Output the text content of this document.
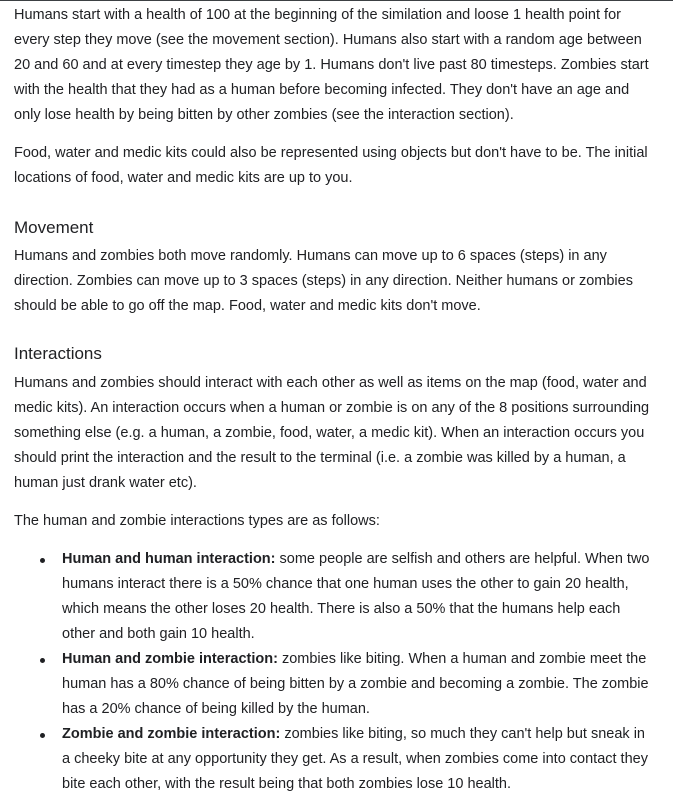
Humans start with a health of 100 at the beginning of the similation and loose 1 health point for every step they move (see the movement section). Humans also start with a random age between 20 and 60 and at every timestep they age by 1. Humans don't live past 80 timesteps. Zombies start with the health that they had as a human before becoming infected. They don't have an age and only lose health by being bitten by other zombies (see the interaction section).

Food, water and medic kits could also be represented using objects but don't have to be. The initial locations of food, water and medic kits are up to you.

Movement

Humans and zombies both move randomly. Humans can move up to 6 spaces (steps) in any direction. Zombies can move up to 3 spaces (steps) in any direction. Neither humans or zombies should be able to go off the map. Food, water and medic kits don't move.

Interactions

Humans and zombies should interact with each other as well as items on the map (food, water and medic kits). An interaction occurs when a human or zombie is on any of the 8 positions surrounding something else (e.g. a human, a zombie, food, water, a medic kit). When an interaction occurs you should print the interaction and the result to the terminal (i.e. a zombie was killed by a human, a human just drank water etc).

The human and zombie interactions types are as follows:

Human and human interaction: some people are selfish and others are helpful. When two humans interact there is a 50% chance that one human uses the other to gain 20 health, which means the other loses 20 health. There is also a 50% that the humans help each other and both gain 10 health.
Human and zombie interaction: zombies like biting. When a human and zombie meet the human has a 80% chance of being bitten by a zombie and becoming a zombie. The zombie has a 20% chance of being killed by the human.
Zombie and zombie interaction: zombies like biting, so much they can't help but sneak in a cheeky bite at any opportunity they get. As a result, when zombies come into contact they bite each other, with the result being that both zombies lose 10 health.
